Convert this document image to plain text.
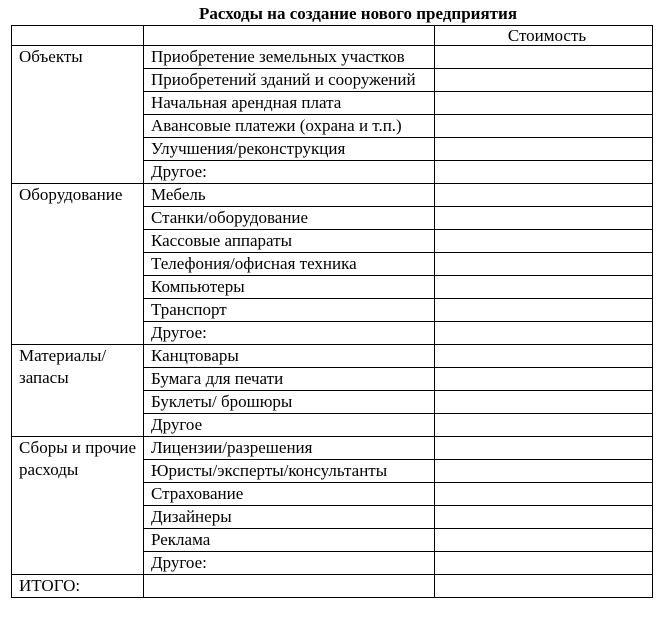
Расходы на создание нового предприятия
		Стоимость
Объекты	Приобретение земельных участков	
	Приобретений зданий и сооружений	
	Начальная арендная плата	
	Авансовые платежи (охрана и т.п.)	
	Улучшения/реконструкция	
	Другое:	
Оборудование	Мебель	
	Станки/оборудование	
	Кассовые аппараты	
	Телефония/офисная техника	
	Компьютеры	
	Транспорт	
	Другое:	
Материалы/ запасы	Канцтовары	
	Бумага для печати	
	Буклеты/ брошюры	
	Другое	
Сборы и прочие расходы	Лицензии/разрешения	
	Юристы/эксперты/консультанты	
	Страхование	
	Дизайнеры	
	Реклама	
	Другое:	
ИТОГО:		
